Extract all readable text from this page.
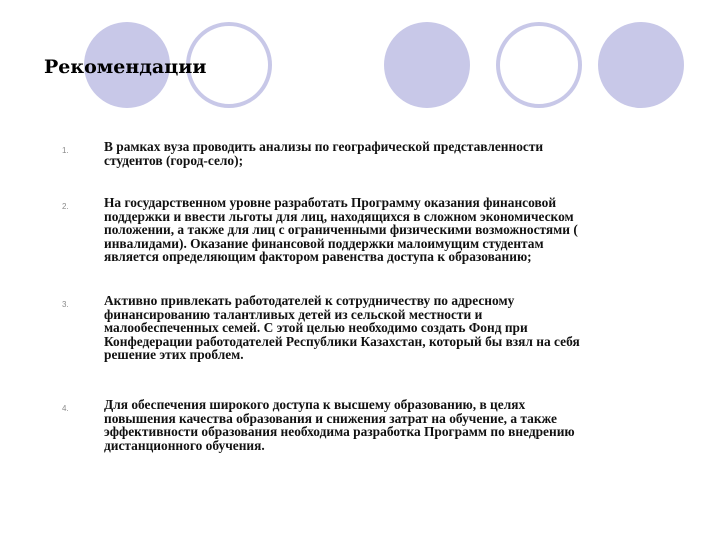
Рекомендации
1.	В рамках вуза проводить анализы по географической представленности
студентов (город-село);

2.	На государственном уровне разработать Программу оказания финансовой
поддержки и ввести льготы для лиц, находящихся в сложном экономическом
положении, а также для лиц с ограниченными физическими возможностями (
инвалидами). Оказание финансовой поддержки малоимущим студентам
является определяющим фактором равенства доступа к образованию;

3.	Активно привлекать работодателей к сотрудничеству по адресному
финансированию талантливых детей из сельской местности и
малообеспеченных семей. С этой целью необходимо создать Фонд при
Конфедерации работодателей Республики Казахстан, который бы взял на себя
решение этих проблем.

4.	Для обеспечения широкого доступа к высшему образованию, в целях
повышения качества образования и снижения затрат на обучение, а также
эффективности образования необходима разработка Программ по внедрению
дистанционного обучения.
